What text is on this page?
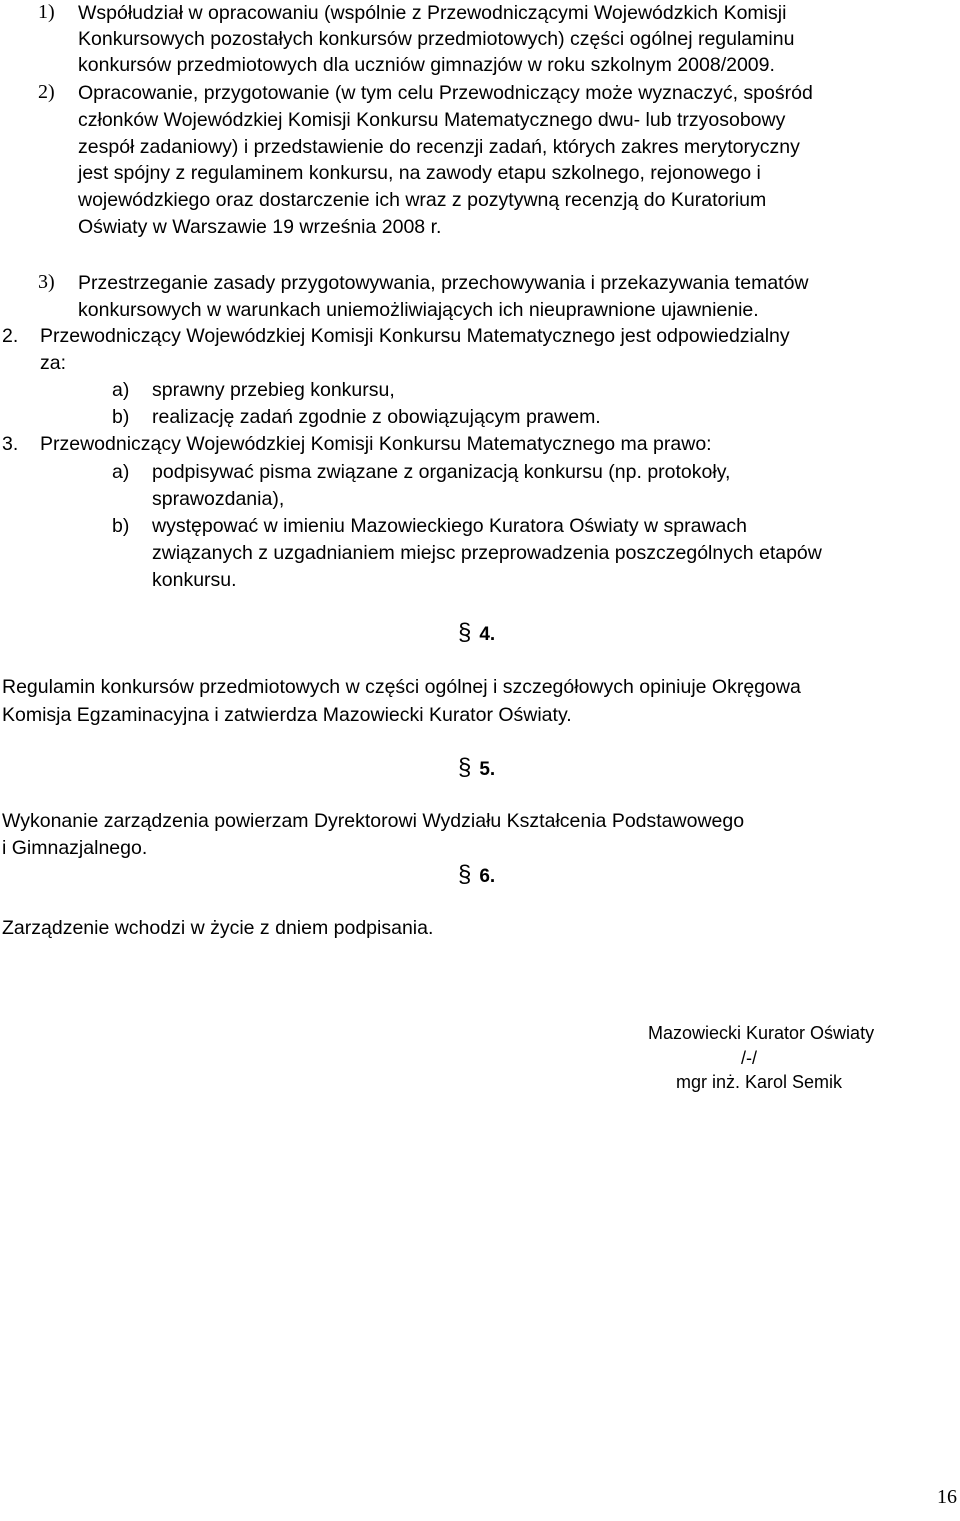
1) Współudział w opracowaniu (wspólnie z Przewodniczącymi Wojewódzkich Komisji
Konkursowych pozostałych konkursów przedmiotowych) części ogólnej regulaminu
konkursów przedmiotowych dla uczniów gimnazjów w roku szkolnym 2008/2009.
2) Opracowanie, przygotowanie (w tym celu Przewodniczący może wyznaczyć, spośród
członków Wojewódzkiej Komisji Konkursu Matematycznego dwu- lub trzyosobowy
zespół zadaniowy) i przedstawienie do recenzji zadań, których zakres merytoryczny
jest spójny z regulaminem konkursu, na zawody etapu szkolnego, rejonowego i
wojewódzkiego oraz dostarczenie ich wraz z pozytywną recenzją do Kuratorium
Oświaty w Warszawie 19 września 2008 r.
3) Przestrzeganie zasady przygotowywania, przechowywania i przekazywania tematów
konkursowych w warunkach uniemożliwiających ich nieuprawnione ujawnienie.
2. Przewodniczący Wojewódzkiej Komisji Konkursu Matematycznego jest odpowiedzialny
za:
a) sprawny przebieg konkursu,
b) realizację zadań zgodnie z obowiązującym prawem.
3. Przewodniczący Wojewódzkiej Komisji Konkursu Matematycznego ma prawo:
a) podpisywać pisma związane z organizacją konkursu (np. protokoły,
sprawozdania),
b) występować w imieniu Mazowieckiego Kuratora Oświaty w sprawach
związanych z uzgadnianiem miejsc przeprowadzenia poszczególnych etapów
konkursu.
§ 4.
Regulamin konkursów przedmiotowych w części ogólnej i szczegółowych opiniuje Okręgowa
Komisja Egzaminacyjna i zatwierdza Mazowiecki Kurator Oświaty.
§ 5.
Wykonanie zarządzenia powierzam Dyrektorowi Wydziału Kształcenia Podstawowego
i Gimnazjalnego.
§ 6.
Zarządzenie wchodzi w życie z dniem podpisania.
Mazowiecki Kurator Oświaty
/-/
mgr inż. Karol Semik
16
